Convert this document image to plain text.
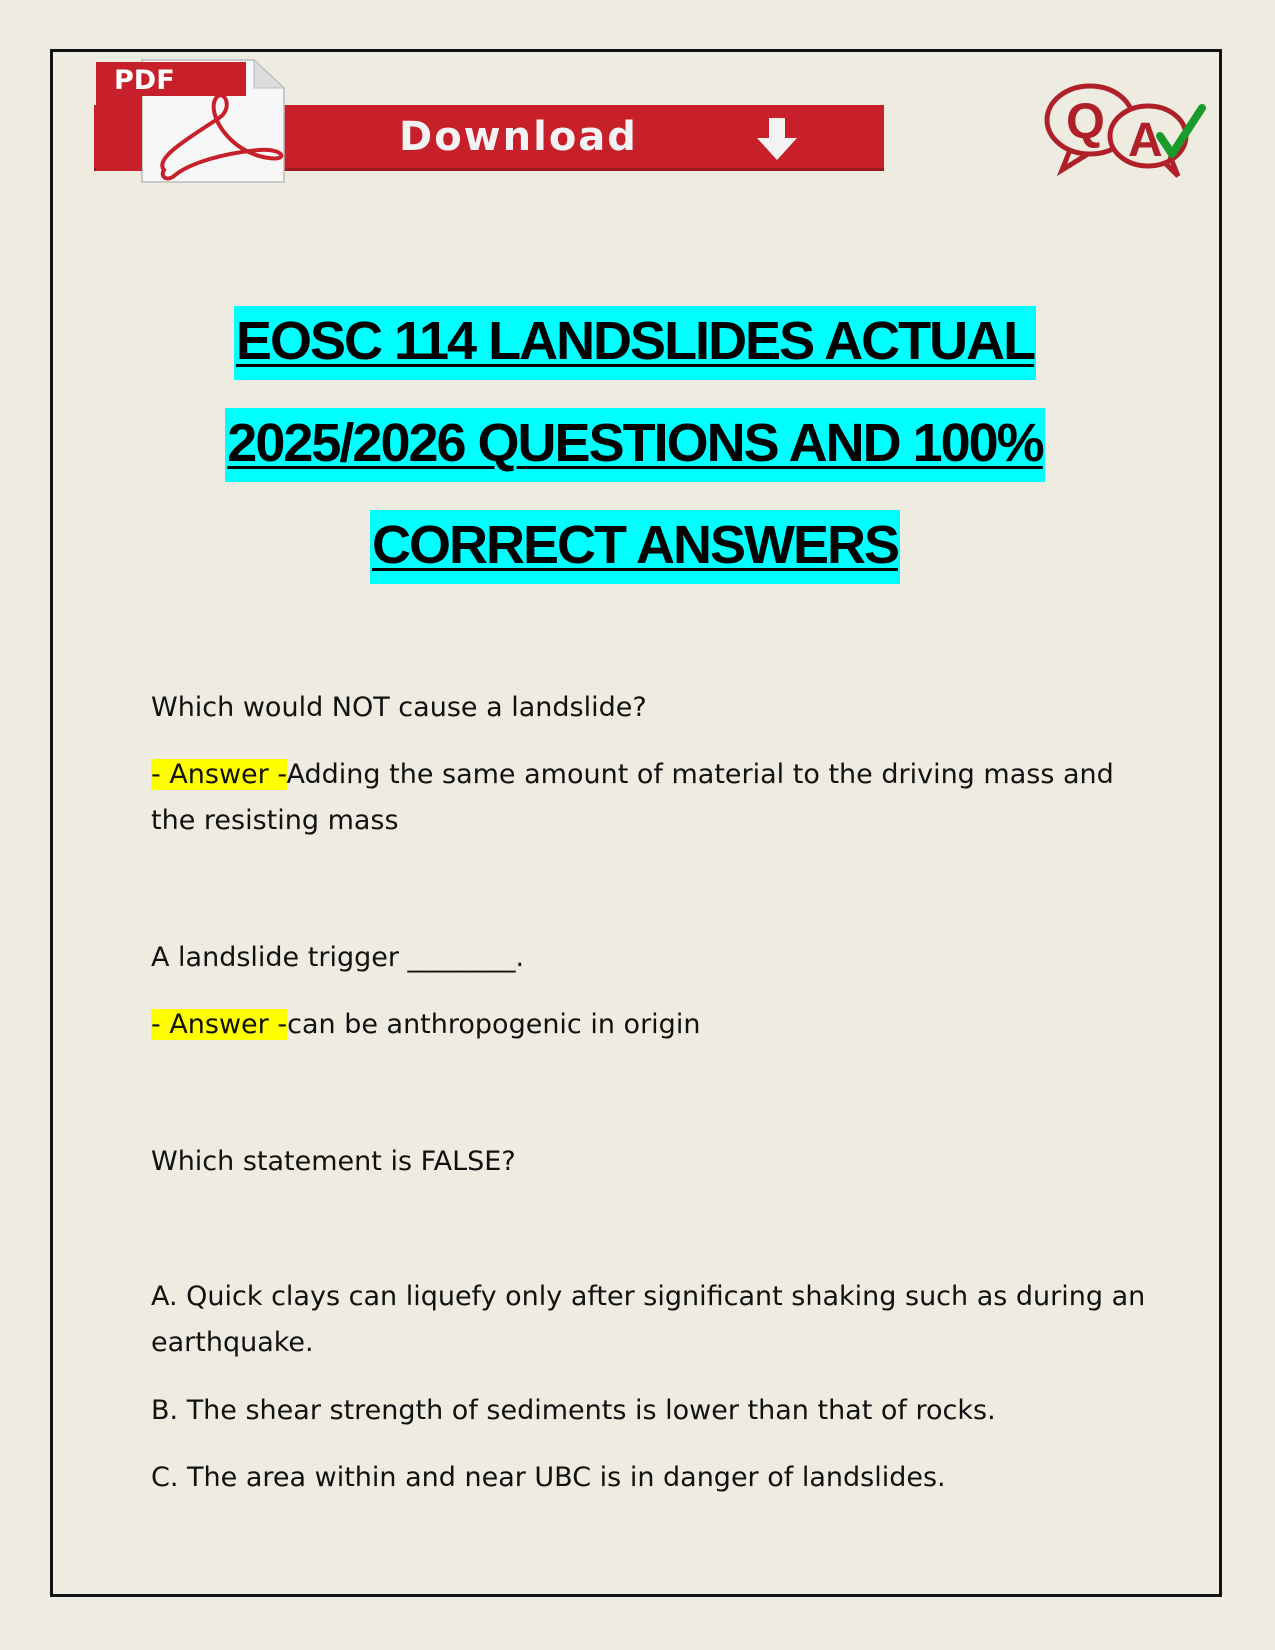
Download
PDF
Q A
EOSC 114 LANDSLIDES ACTUAL
2025/2026 QUESTIONS AND 100%
CORRECT ANSWERS
Which would NOT cause a landslide?
- Answer -Adding the same amount of material to the driving mass and
the resisting mass
A landslide trigger ________.
- Answer -can be anthropogenic in origin
Which statement is FALSE?
A. Quick clays can liquefy only after significant shaking such as during an
earthquake.
B. The shear strength of sediments is lower than that of rocks.
C. The area within and near UBC is in danger of landslides.
